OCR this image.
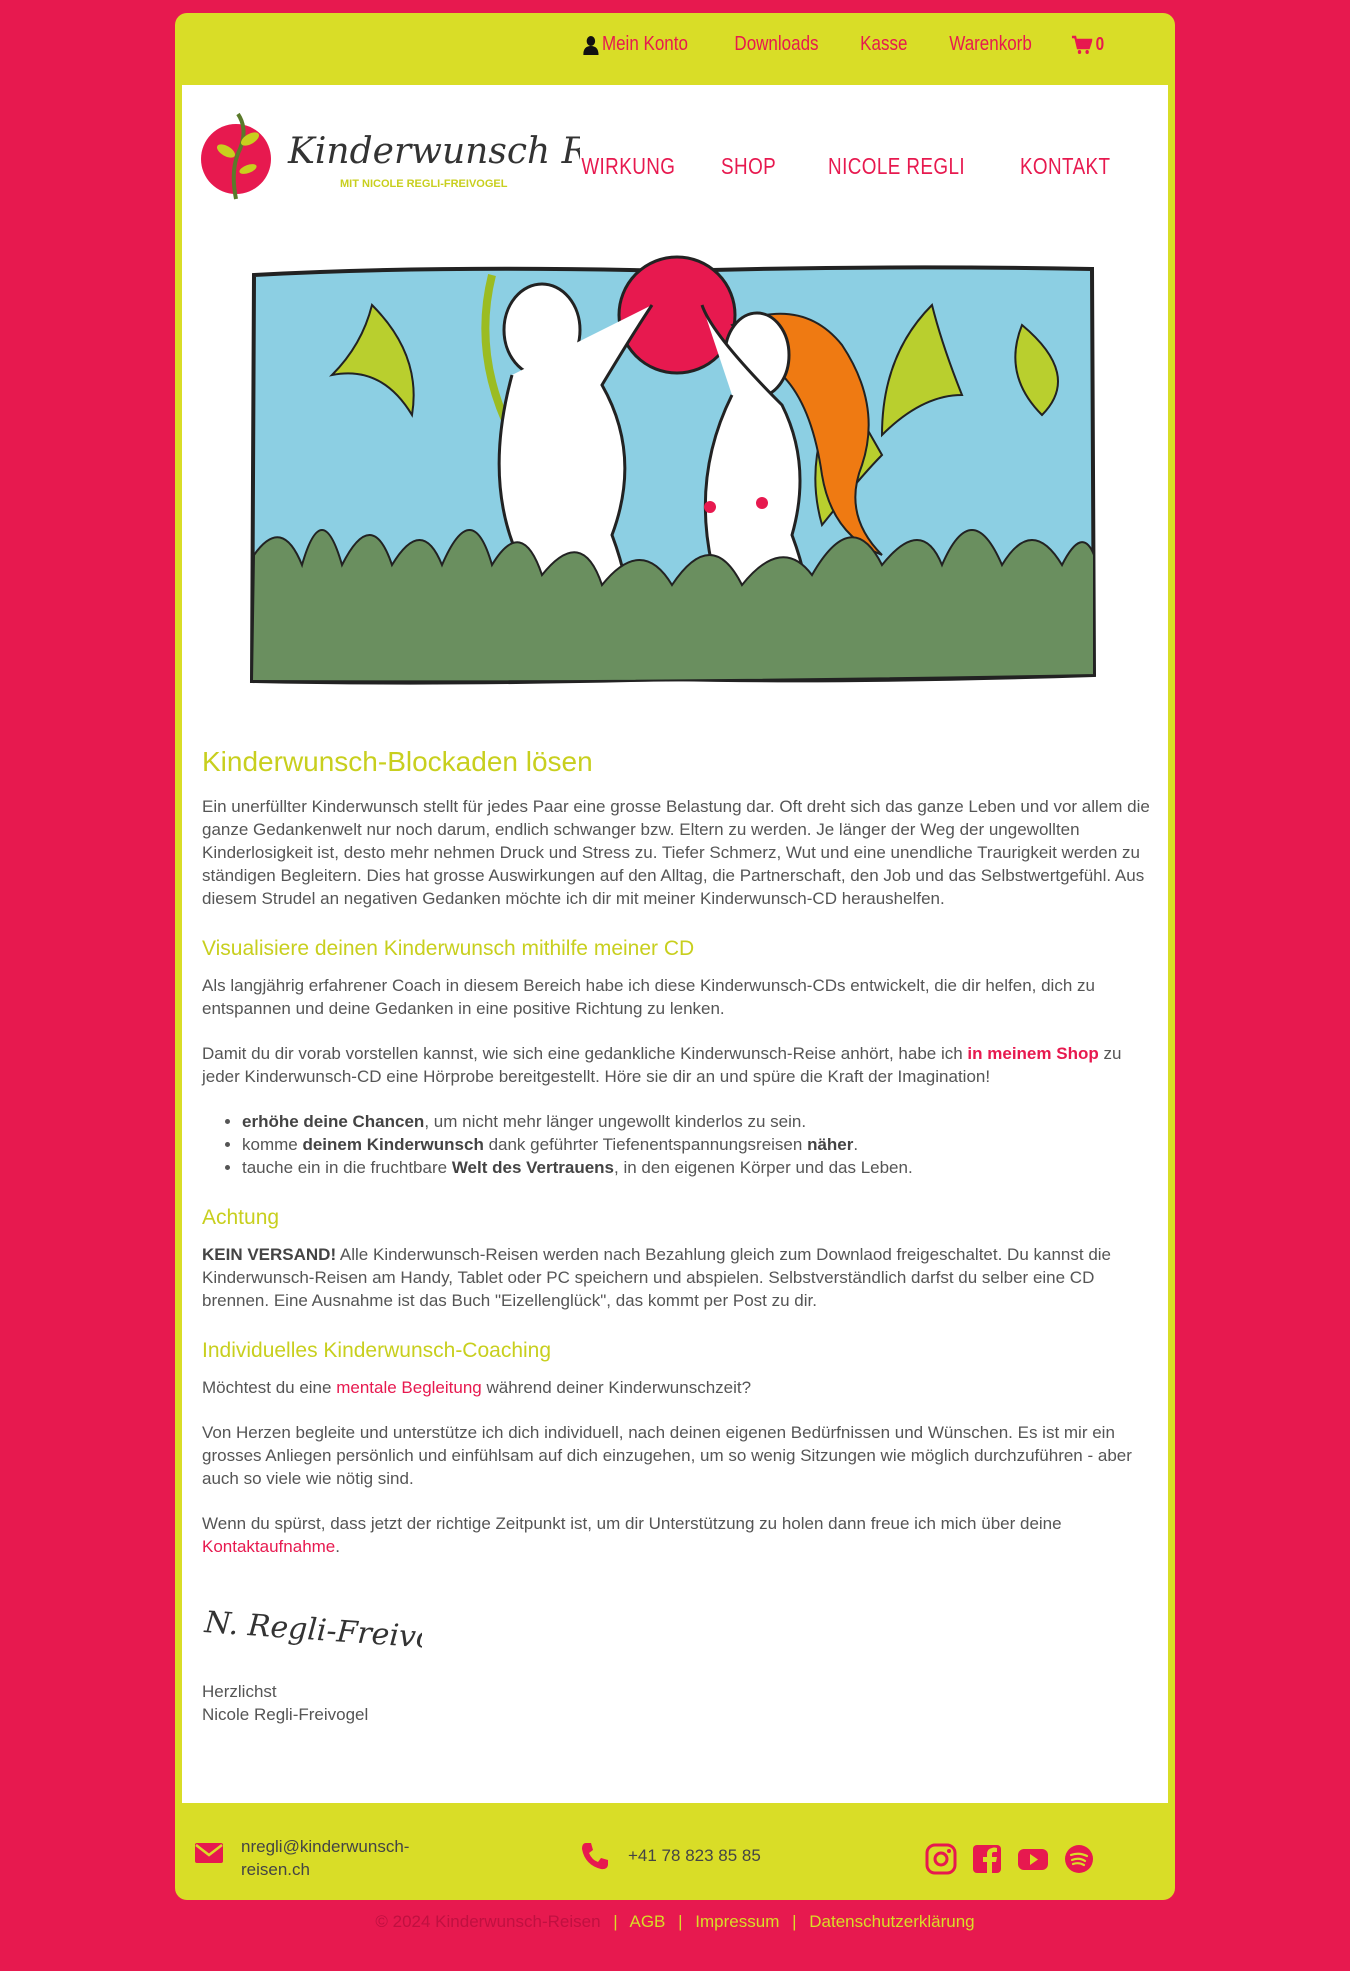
Mein Konto Downloads Kasse Warenkorb	0
Kinderwunsch
MIT NICOLE REGLI-FREIVOGEL
WIRKUNG SHOP NICOLE REGLI KONTAKT
Kinderwunsch-Blockaden lösen

Ein unerfüllter Kinderwunsch stellt für jedes Paar eine grosse Belastung dar. Oft dreht sich das ganze Leben und vor allem die ganze Gedankenwelt nur noch darum, endlich schwanger bzw. Eltern zu werden. Je länger der Weg der ungewollten Kinderlosigkeit ist, desto mehr nehmen Druck und Stress zu. Tiefer Schmerz, Wut und eine unendliche Traurigkeit werden zu ständigen Begleitern. Dies hat grosse Auswirkungen auf den Alltag, die Partnerschaft, den Job und das Selbstwertgefühl. Aus diesem Strudel an negativen Gedanken möchte ich dir mit meiner Kinderwunsch-CD heraushelfen.

Visualisiere deinen Kinderwunsch mithilfe meiner CD

Als langjährig erfahrener Coach in diesem Bereich habe ich diese Kinderwunsch-CDs entwickelt, die dir helfen, dich zu entspannen und deine Gedanken in eine positive Richtung zu lenken.

Damit du dir vorab vorstellen kannst, wie sich eine gedankliche Kinderwunsch-Reise anhört, habe ich in meinem Shop zu jeder Kinderwunsch-CD eine Hörprobe bereitgestellt. Höre sie dir an und spüre die Kraft der Imagination!

• erhöhe deine Chancen, um nicht mehr länger ungewollt kinderlos zu sein.
• komme deinem Kinderwunsch dank geführter Tiefenentspannungsreisen näher.
• tauche ein in die fruchtbare Welt des Vertrauens, in den eigenen Körper und das Leben.
Achtung

KEIN VERSAND! Alle Kinderwunsch-Reisen werden nach Bezahlung gleich zum Downlaod freigeschaltet. Du kannst die Kinderwunsch-Reisen am Handy, Tablet oder PC speichern und abspielen. Selbstverständlich darfst du selber eine CD brennen. Eine Ausnahme ist das Buch "Eizellenglück", das kommt per Post zu dir.

Individuelles Kinderwunsch-Coaching

Möchtest du eine mentale Begleitung während deiner Kinderwunschzeit?

Von Herzen begleite und unterstütze ich dich individuell, nach deinen eigenen Bedürfnissen und Wünschen. Es ist mir ein grosses Anliegen persönlich und einfühlsam auf dich einzugehen, um so wenig Sitzungen wie möglich durchzuführen - aber auch so viele wie nötig sind.

Wenn du spürst, dass jetzt der richtige Zeitpunkt ist, um dir Unterstützung zu holen dann freue ich mich über deine Kontaktaufnahme.

N. Regli-Freivogel
Herzlichst
Nicole Regli-Freivogel
nregli@kinderwunsch-reisen.ch
+41 78 823 85 85
© 2024 Kinderwunsch-Reisen | AGB | Impressum | Datenschutzerklärung
